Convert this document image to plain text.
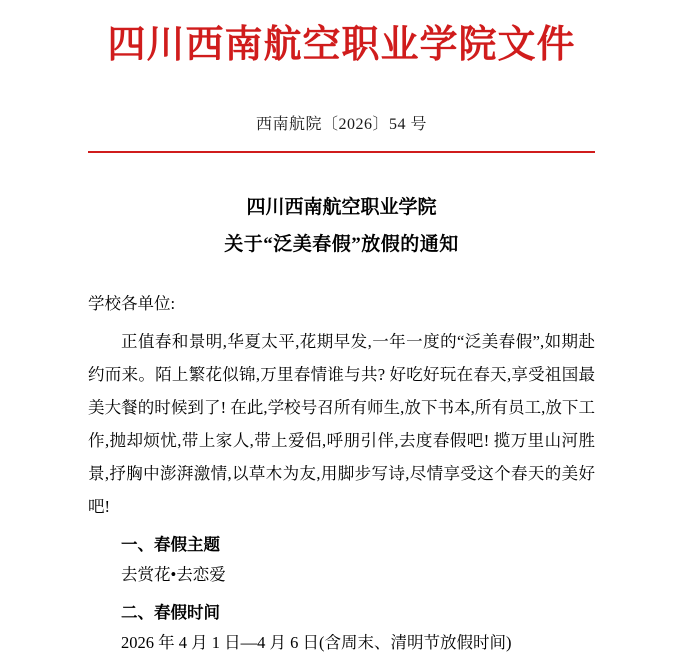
四川西南航空职业学院文件
西南航院〔2026〕54 号
四川西南航空职业学院
关于“泛美春假”放假的通知
学校各单位:
正值春和景明,华夏太平,花期早发,一年一度的“泛美春假”,如期赴约而来。陌上繁花似锦,万里春情谁与共? 好吃好玩在春天,享受祖国最美大餐的时候到了! 在此,学校号召所有师生,放下书本,所有员工,放下工作,抛却烦忧,带上家人,带上爱侣,呼朋引伴,去度春假吧! 揽万里山河胜景,抒胸中澎湃激情,以草木为友,用脚步写诗,尽情享受这个春天的美好吧!
一、春假主题
去赏花•去恋爱
二、春假时间
2026 年 4 月 1 日—4 月 6 日(含周末、清明节放假时间)
